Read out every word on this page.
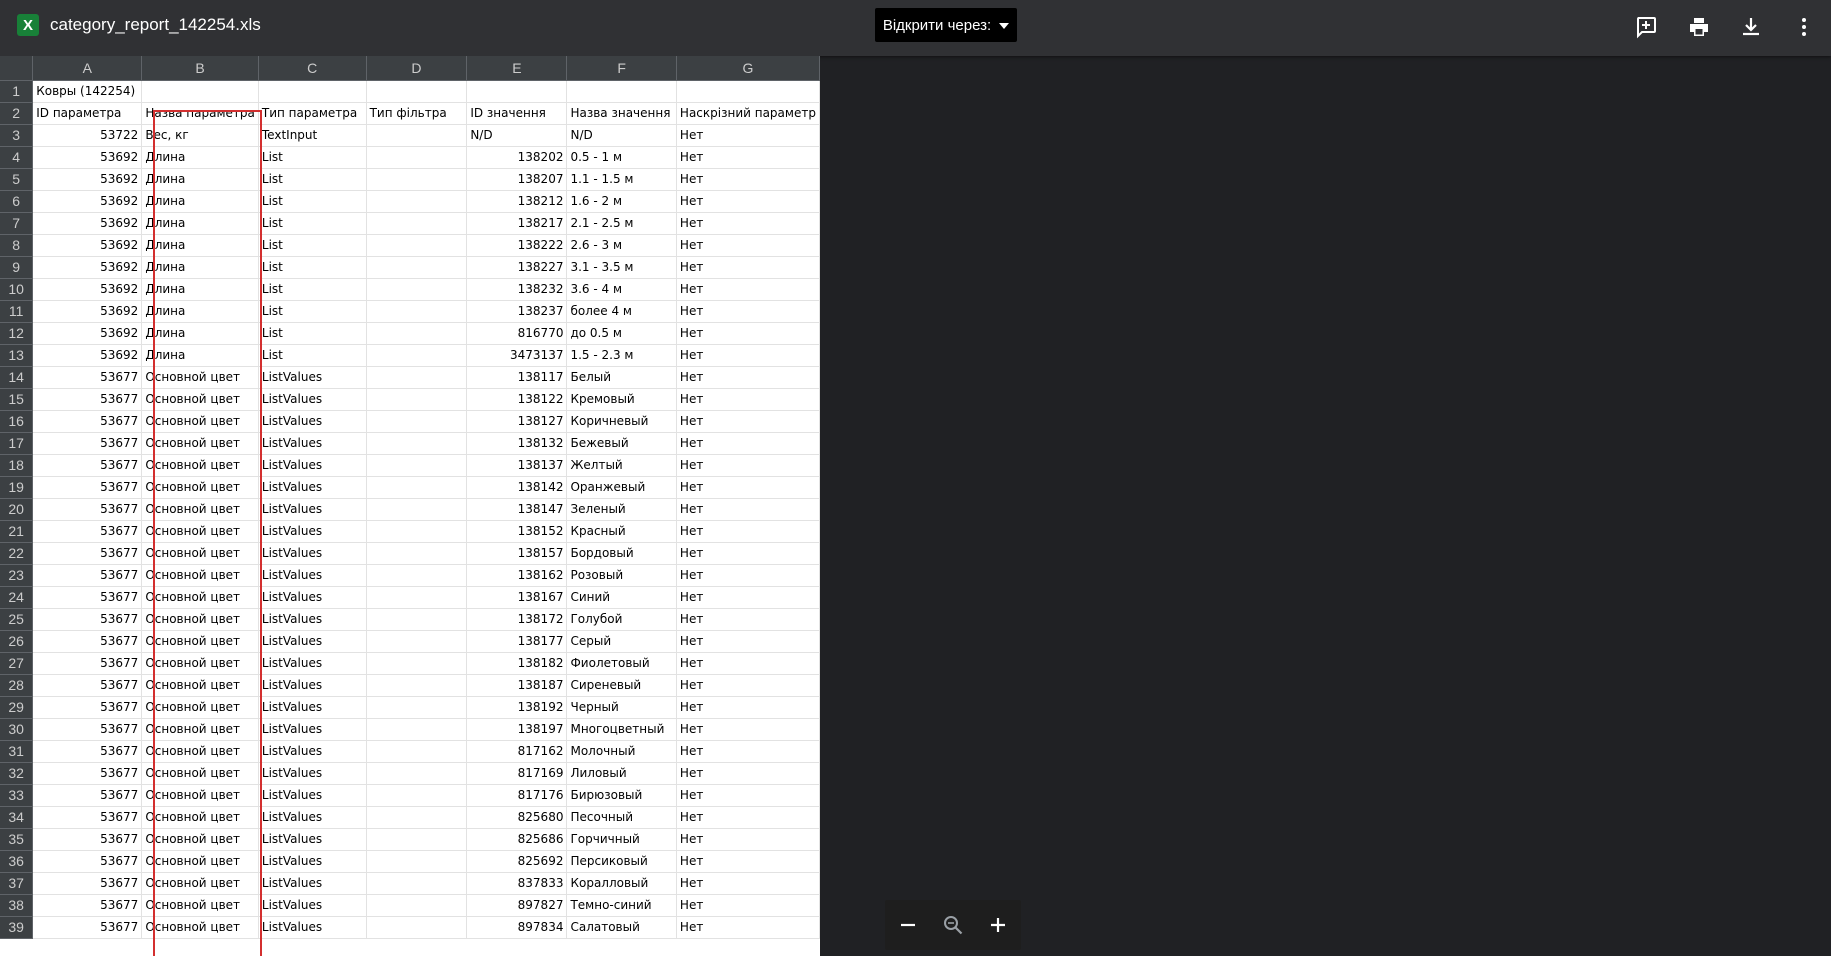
X	category_report_142254.xls	Відкрити через:
	A	B	C	D	E	F	G
1	Ковры (142254)						
2	ID параметра	Назва параметра	Тип параметра	Тип фільтра	ID значення	Назва значення	Наскрізний параметр
3	53722	Вес, кг	TextInput		N/D	N/D	Нет
4	53692	Длина	List		138202	0.5 - 1 м	Нет
5	53692	Длина	List		138207	1.1 - 1.5 м	Нет
6	53692	Длина	List		138212	1.6 - 2 м	Нет
7	53692	Длина	List		138217	2.1 - 2.5 м	Нет
8	53692	Длина	List		138222	2.6 - 3 м	Нет
9	53692	Длина	List		138227	3.1 - 3.5 м	Нет
10	53692	Длина	List		138232	3.6 - 4 м	Нет
11	53692	Длина	List		138237	более 4 м	Нет
12	53692	Длина	List		816770	до 0.5 м	Нет
13	53692	Длина	List		3473137	1.5 - 2.3 м	Нет
14	53677	Основной цвет	ListValues		138117	Белый	Нет
15	53677	Основной цвет	ListValues		138122	Кремовый	Нет
16	53677	Основной цвет	ListValues		138127	Коричневый	Нет
17	53677	Основной цвет	ListValues		138132	Бежевый	Нет
18	53677	Основной цвет	ListValues		138137	Желтый	Нет
19	53677	Основной цвет	ListValues		138142	Оранжевый	Нет
20	53677	Основной цвет	ListValues		138147	Зеленый	Нет
21	53677	Основной цвет	ListValues		138152	Красный	Нет
22	53677	Основной цвет	ListValues		138157	Бордовый	Нет
23	53677	Основной цвет	ListValues		138162	Розовый	Нет
24	53677	Основной цвет	ListValues		138167	Синий	Нет
25	53677	Основной цвет	ListValues		138172	Голубой	Нет
26	53677	Основной цвет	ListValues		138177	Серый	Нет
27	53677	Основной цвет	ListValues		138182	Фиолетовый	Нет
28	53677	Основной цвет	ListValues		138187	Сиреневый	Нет
29	53677	Основной цвет	ListValues		138192	Черный	Нет
30	53677	Основной цвет	ListValues		138197	Многоцветный	Нет
31	53677	Основной цвет	ListValues		817162	Молочный	Нет
32	53677	Основной цвет	ListValues		817169	Лиловый	Нет
33	53677	Основной цвет	ListValues		817176	Бирюзовый	Нет
34	53677	Основной цвет	ListValues		825680	Песочный	Нет
35	53677	Основной цвет	ListValues		825686	Горчичный	Нет
36	53677	Основной цвет	ListValues		825692	Персиковый	Нет
37	53677	Основной цвет	ListValues		837833	Коралловый	Нет
38	53677	Основной цвет	ListValues		897827	Темно-синий	Нет
39	53677	Основной цвет	ListValues		897834	Салатовый	Нет
